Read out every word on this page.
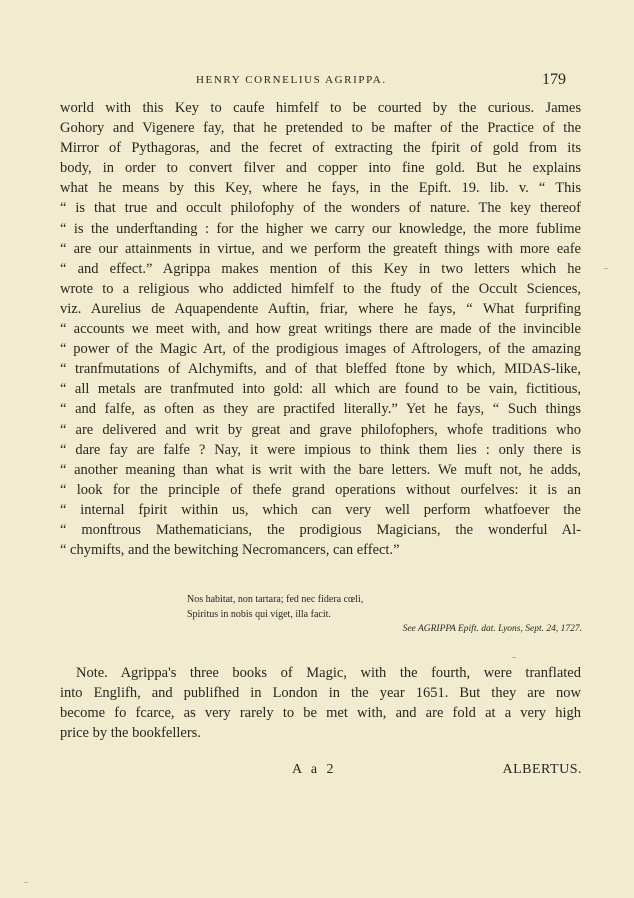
HENRY CORNELIUS AGRIPPA.	179
world with this Key to caufe himfelf to be courted by the curious. James
Gohory and Vigenere fay, that he pretended to be mafter of the Practice of the
Mirror of Pythagoras, and the fecret of extracting the fpirit of gold from its
body, in order to convert filver and copper into fine gold. But he explains
what he means by this Key, where he fays, in the Epift. 19. lib. v. “ This
“ is that true and occult philofophy of the wonders of nature. The key thereof
“ is the underftanding : for the higher we carry our knowledge, the more fublime
“ are our attainments in virtue, and we perform the greateft things with more eafe
“ and effect.” Agrippa makes mention of this Key in two letters which he
wrote to a religious who addicted himfelf to the ftudy of the Occult Sciences,
viz. Aurelius de Aquapendente Auftin, friar, where he fays, “ What furprifing
“ accounts we meet with, and how great writings there are made of the invincible
“ power of the Magic Art, of the prodigious images of Aftrologers, of the amazing
“ tranfmutations of Alchymifts, and of that bleffed ftone by which, MIDAS-like,
“ all metals are tranfmuted into gold: all which are found to be vain, fictitious,
“ and falfe, as often as they are practifed literally.” Yet he fays, “ Such things
“ are delivered and writ by great and grave philofophers, whofe traditions who
“ dare fay are falfe ? Nay, it were impious to think them lies : only there is
“ another meaning than what is writ with the bare letters. We muft not, he adds,
“ look for the principle of thefe grand operations without ourfelves: it is an
“ internal fpirit within us, which can very well perform whatfoever the
“ monftrous Mathematicians, the prodigious Magicians, the wonderful Al-
“ chymifts, and the bewitching Necromancers, can effect.”
Nos habitat, non tartara; fed nec fidera cœli,
Spiritus in nobis qui viget, illa facit.
See AGRIPPA Epift. dat. Lyons, Sept. 24, 1727.
Note. Agrippa's three books of Magic, with the fourth, were tranflated
into Englifh, and publifhed in London in the year 1651. But they are now
become fo fcarce, as very rarely to be met with, and are fold at a very high
price by the bookfellers.
A a 2	ALBERTUS.
